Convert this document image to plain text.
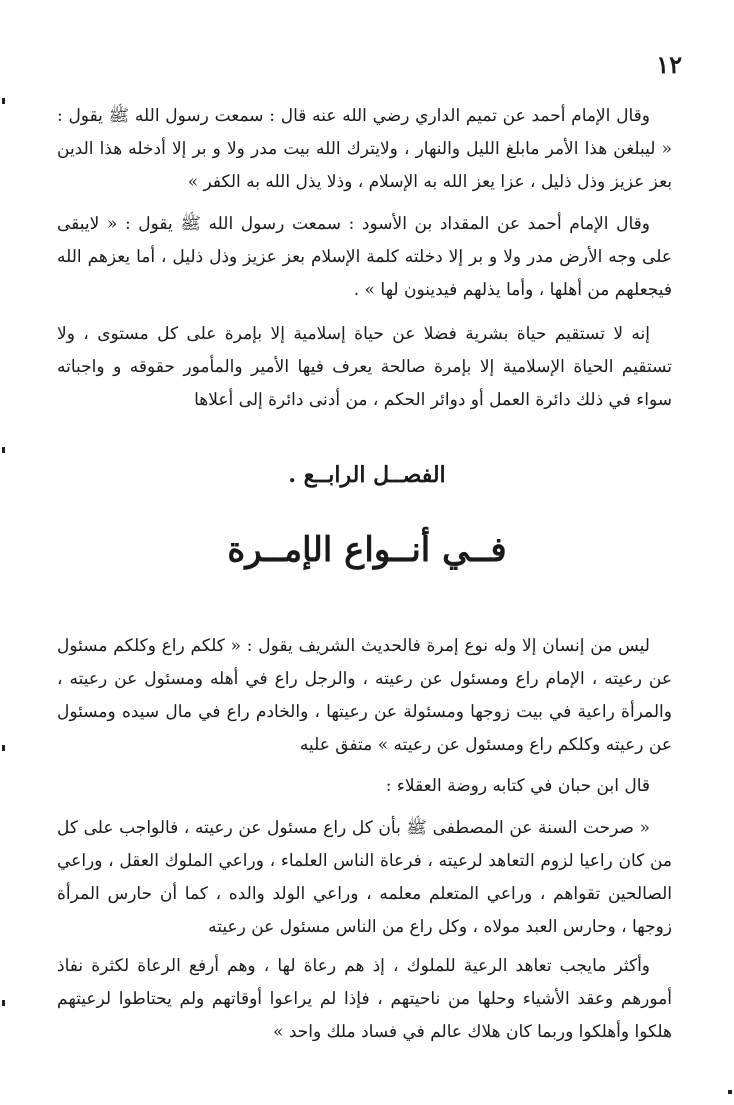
١٢

وقال الإمام أحمد عن تميم الداري رضي الله عنه قال : سمعت رسول الله ﷺ يقول : « ليبلغن هذا الأمر مابلغ الليل والنهار ، ولايترك الله بيت مدر ولا و بر إلا أدخله هذا الدين بعز عزيز وذل ذليل ، عزا يعز الله به الإسلام ، وذلا يذل الله به الكفر »

وقال الإمام أحمد عن المقداد بن الأسود : سمعت رسول الله ﷺ يقول : « لايبقى على وجه الأرض مدر ولا و بر إلا دخلته كلمة الإسلام بعز عزيز وذل ذليل ، أما يعزهم الله فيجعلهم من أهلها ، وأما يذلهم فيدينون لها » .

إنه لا تستقيم حياة بشرية فضلا عن حياة إسلامية إلا بإمرة على كل مستوى ، ولا تستقيم الحياة الإسلامية إلا بإمرة صالحة يعرف فيها الأمير والمأمور حقوقه و واجباته سواء في ذلك دائرة العمل أو دوائر الحكم ، من أدنى دائرة إلى أعلاها

الفصــل الرابــع .
فــي أنــواع الإمــرة

ليس من إنسان إلا وله نوع إمرة فالحديث الشريف يقول : « كلكم راع وكلكم مسئول عن رعيته ، الإمام راع ومسئول عن رعيته ، والرجل راع في أهله ومسئول عن رعيته ، والمرأة راعية في بيت زوجها ومسئولة عن رعيتها ، والخادم راع في مال سيده ومسئول عن رعيته وكلكم راع ومسئول عن رعيته » متفق عليه

قال ابن حبان في كتابه روضة العقلاء :

« صرحت السنة عن المصطفى ﷺ بأن كل راع مسئول عن رعيته ، فالواجب على كل من كان راعيا لزوم التعاهد لرعيته ، فرعاة الناس العلماء ، وراعي الملوك العقل ، وراعي الصالحين تقواهم ، وراعي المتعلم معلمه ، وراعي الولد والده ، كما أن حارس المرأة زوجها ، وحارس العبد مولاه ، وكل راع من الناس مسئول عن رعيته

وأكثر مايجب تعاهد الرعية للملوك ، إذ هم رعاة لها ، وهم أرفع الرعاة لكثرة نفاذ أمورهم وعقد الأشياء وحلها من ناحيتهم ، فإذا لم يراعوا أوقاتهم ولم يحتاطوا لرعيتهم هلكوا وأهلكوا وربما كان هلاك عالم في فساد ملك واحد »
